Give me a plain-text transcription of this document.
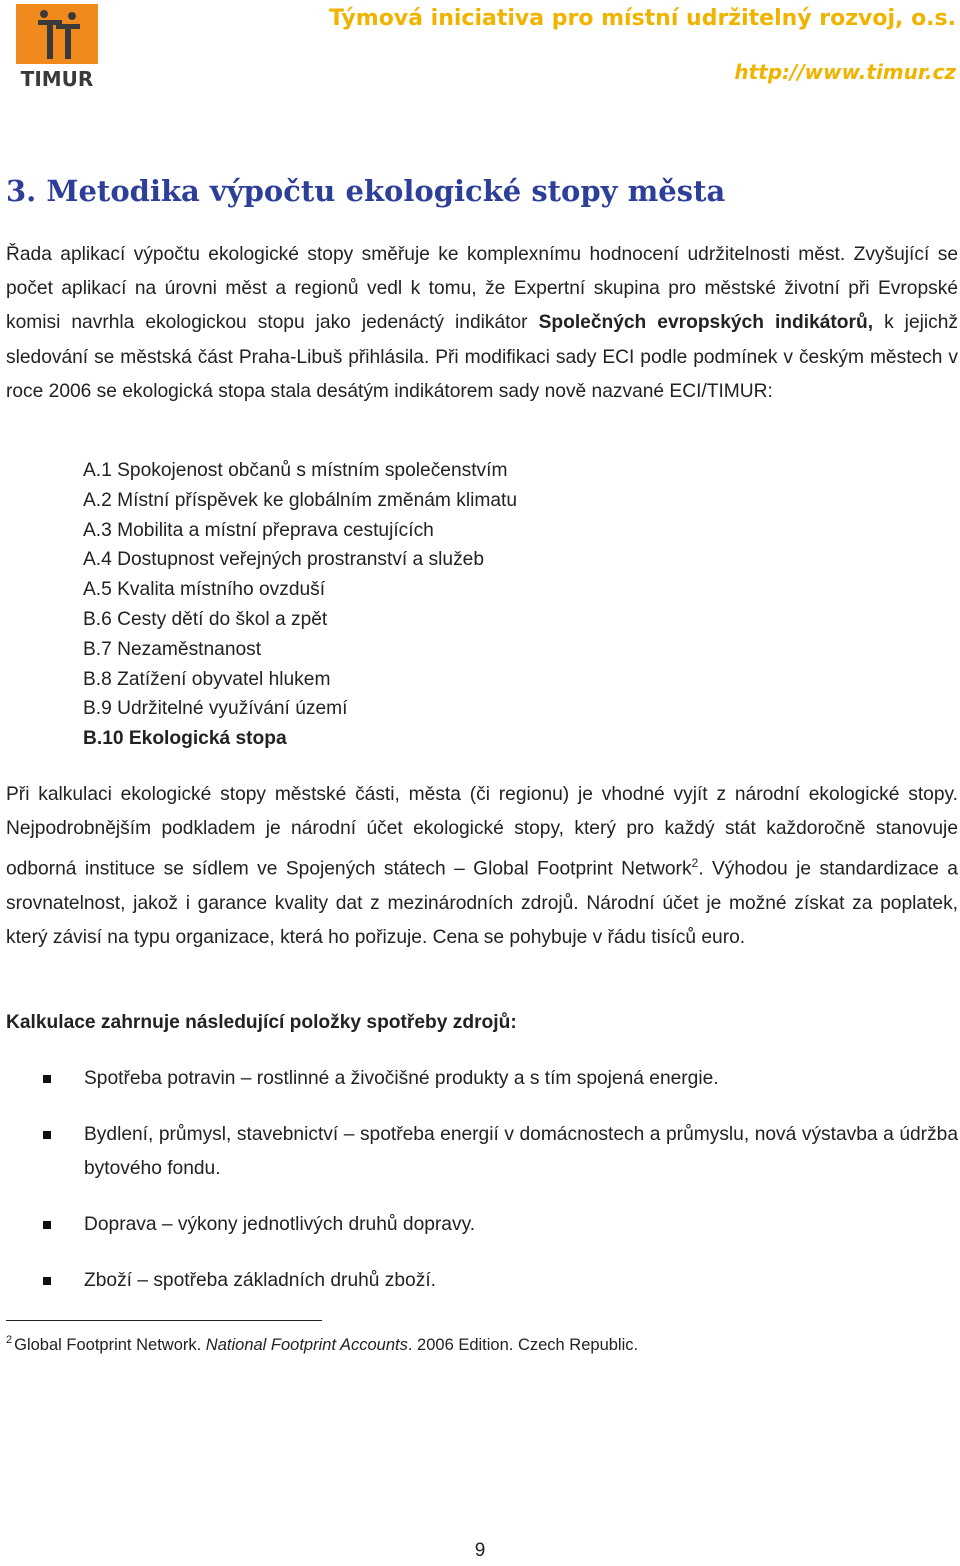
TIMUR
Týmová iniciativa pro místní udržitelný rozvoj, o.s.
http://www.timur.cz
3. Metodika výpočtu ekologické stopy města

Řada aplikací výpočtu ekologické stopy směřuje ke komplexnímu hodnocení udržitelnosti měst. Zvyšující se počet aplikací na úrovni měst a regionů vedl k tomu, že Expertní skupina pro městské životní při Evropské komisi navrhla ekologickou stopu jako jedenáctý indikátor Společných evropských indikátorů, k jejichž sledování se městská část Praha-Libuš přihlásila. Při modifikaci sady ECI podle podmínek v českým městech v roce 2006 se ekologická stopa stala desátým indikátorem sady nově nazvané ECI/TIMUR:

A.1 Spokojenost občanů s místním společenstvím
A.2 Místní příspěvek ke globálním změnám klimatu
A.3 Mobilita a místní přeprava cestujících
A.4 Dostupnost veřejných prostranství a služeb
A.5 Kvalita místního ovzduší
B.6 Cesty dětí do škol a zpět
B.7 Nezaměstnanost
B.8 Zatížení obyvatel hlukem
B.9 Udržitelné využívání území
B.10 Ekologická stopa

Při kalkulaci ekologické stopy městské části, města (či regionu) je vhodné vyjít z národní ekologické stopy. Nejpodrobnějším podkladem je národní účet ekologické stopy, který pro každý stát každoročně stanovuje odborná instituce se sídlem ve Spojených státech – Global Footprint Network$^2$. Výhodou je standardizace a srovnatelnost, jakož i garance kvality dat z mezinárodních zdrojů. Národní účet je možné získat za poplatek, který závisí na typu organizace, která ho pořizuje. Cena se pohybuje v řádu tisíců euro.

Kalkulace zahrnuje následující položky spotřeby zdrojů:

Spotřeba potravin – rostlinné a živočišné produkty a s tím spojená energie.
Bydlení, průmysl, stavebnictví – spotřeba energií v domácnostech a průmyslu, nová výstavba a údržba bytového fondu.
Doprava – výkony jednotlivých druhů dopravy.
Zboží – spotřeba základních druhů zboží.
$^2$ Global Footprint Network. National Footprint Accounts. 2006 Edition. Czech Republic.
9
